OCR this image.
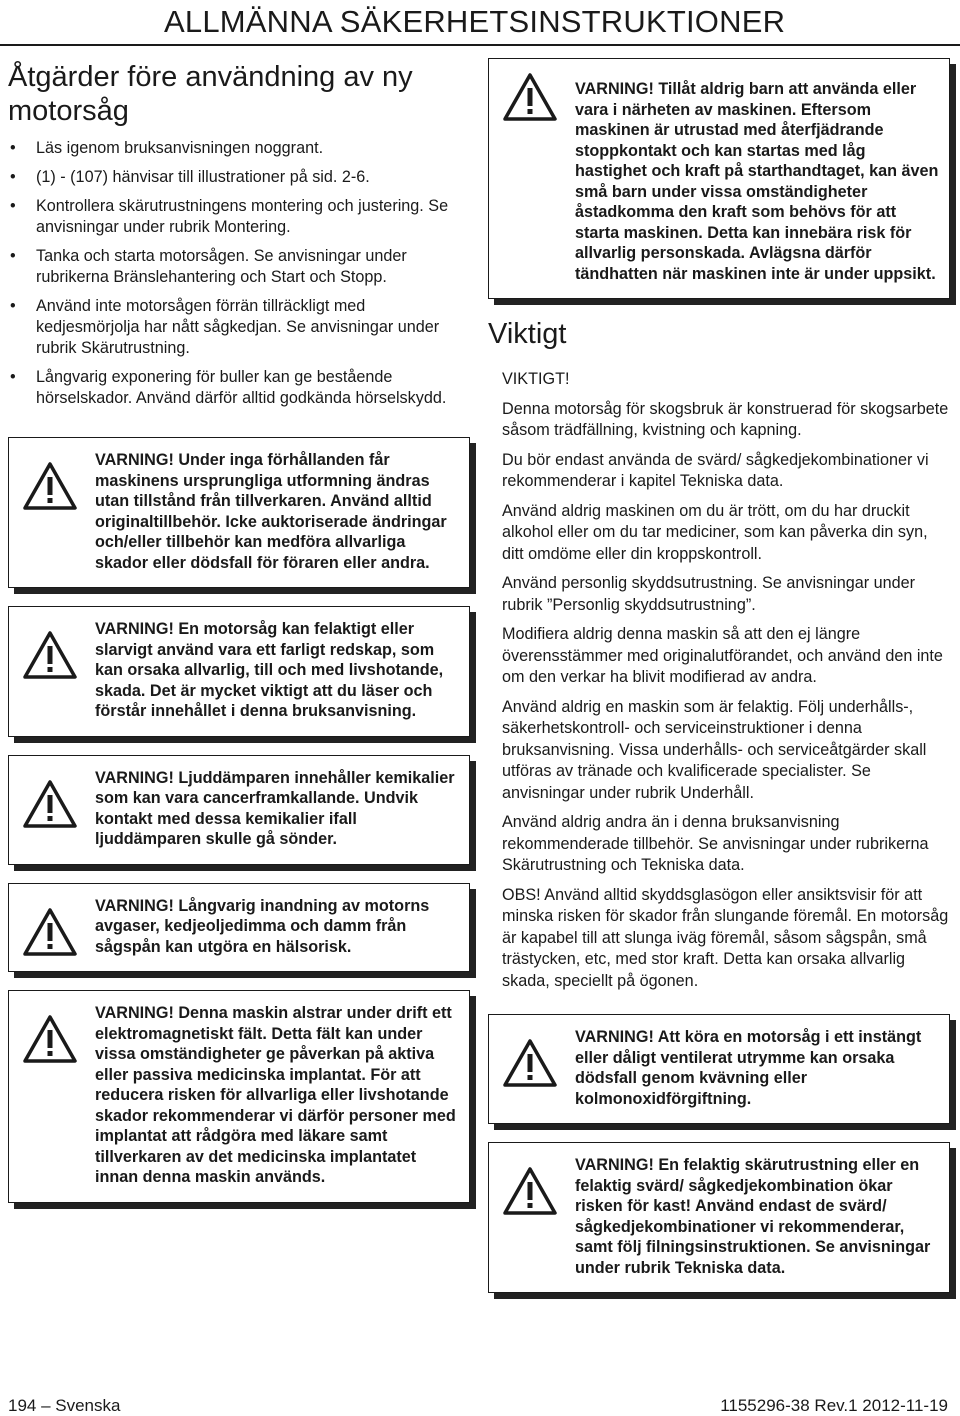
ALLMÄNNA SÄKERHETSINSTRUKTIONER
Åtgärder före användning av ny motorsåg
• Läs igenom bruksanvisningen noggrant.
• (1) - (107) hänvisar till illustrationer på sid. 2-6.
• Kontrollera skärutrustningens montering och justering. Se anvisningar under rubrik Montering.
• Tanka och starta motorsågen. Se anvisningar under rubrikerna Bränslehantering och Start och Stopp.
• Använd inte motorsågen förrän tillräckligt med kedjesmörjolja har nått sågkedjan. Se anvisningar under rubrik Skärutrustning.
• Långvarig exponering för buller kan ge bestående hörselskador. Använd därför alltid godkända hörselskydd.
VARNING! Under inga förhållanden får maskinens ursprungliga utformning ändras utan tillstånd från tillverkaren. Använd alltid originaltillbehör. Icke auktoriserade ändringar och/eller tillbehör kan medföra allvarliga skador eller dödsfall för föraren eller andra.
VARNING! En motorsåg kan felaktigt eller slarvigt använd vara ett farligt redskap, som kan orsaka allvarlig, till och med livshotande, skada. Det är mycket viktigt att du läser och förstår innehållet i denna bruksanvisning.
VARNING! Ljuddämparen innehåller kemikalier som kan vara cancerframkallande. Undvik kontakt med dessa kemikalier ifall ljuddämparen skulle gå sönder.
VARNING! Långvarig inandning av motorns avgaser, kedjeoljedimma och damm från sågspån kan utgöra en hälsorisk.
VARNING! Denna maskin alstrar under drift ett elektromagnetiskt fält. Detta fält kan under vissa omständigheter ge påverkan på aktiva eller passiva medicinska implantat. För att reducera risken för allvarliga eller livshotande skador rekommenderar vi därför personer med implantat att rådgöra med läkare samt tillverkaren av det medicinska implantatet innan denna maskin används.
VARNING! Tillåt aldrig barn att använda eller vara i närheten av maskinen. Eftersom maskinen är utrustad med återfjädrande stoppkontakt och kan startas med låg hastighet och kraft på starthandtaget, kan även små barn under vissa omständigheter åstadkomma den kraft som behövs för att starta maskinen. Detta kan innebära risk för allvarlig personskada. Avlägsna därför tändhatten när maskinen inte är under uppsikt.
Viktigt

VIKTIGT!

Denna motorsåg för skogsbruk är konstruerad för skogsarbete såsom trädfällning, kvistning och kapning.

Du bör endast använda de svärd/ sågkedjekombinationer vi rekommenderar i kapitel Tekniska data.

Använd aldrig maskinen om du är trött, om du har druckit alkohol eller om du tar mediciner, som kan påverka din syn, ditt omdöme eller din kroppskontroll.

Använd personlig skyddsutrustning. Se anvisningar under rubrik ”Personlig skyddsutrustning”.

Modifiera aldrig denna maskin så att den ej längre överensstämmer med originalutförandet, och använd den inte om den verkar ha blivit modifierad av andra.

Använd aldrig en maskin som är felaktig. Följ underhålls-, säkerhetskontroll- och serviceinstruktioner i denna bruksanvisning. Vissa underhålls- och serviceåtgärder skall utföras av tränade och kvalificerade specialister. Se anvisningar under rubrik Underhåll.

Använd aldrig andra än i denna bruksanvisning rekommenderade tillbehör. Se anvisningar under rubrikerna Skärutrustning och Tekniska data.

OBS! Använd alltid skyddsglasögon eller ansiktsvisir för att minska risken för skador från slungande föremål. En motorsåg är kapabel till att slunga iväg föremål, såsom sågspån, små trästycken, etc, med stor kraft. Detta kan orsaka allvarlig skada, speciellt på ögonen.

VARNING! Att köra en motorsåg i ett instängt eller dåligt ventilerat utrymme kan orsaka dödsfall genom kvävning eller kolmonoxidförgiftning.
VARNING! En felaktig skärutrustning eller en felaktig svärd/ sågkedjekombination ökar risken för kast! Använd endast de svärd/ sågkedjekombinationer vi rekommenderar, samt följ filningsinstruktionen. Se anvisningar under rubrik Tekniska data.
194 – Svenska	1155296-38 Rev.1 2012-11-19
